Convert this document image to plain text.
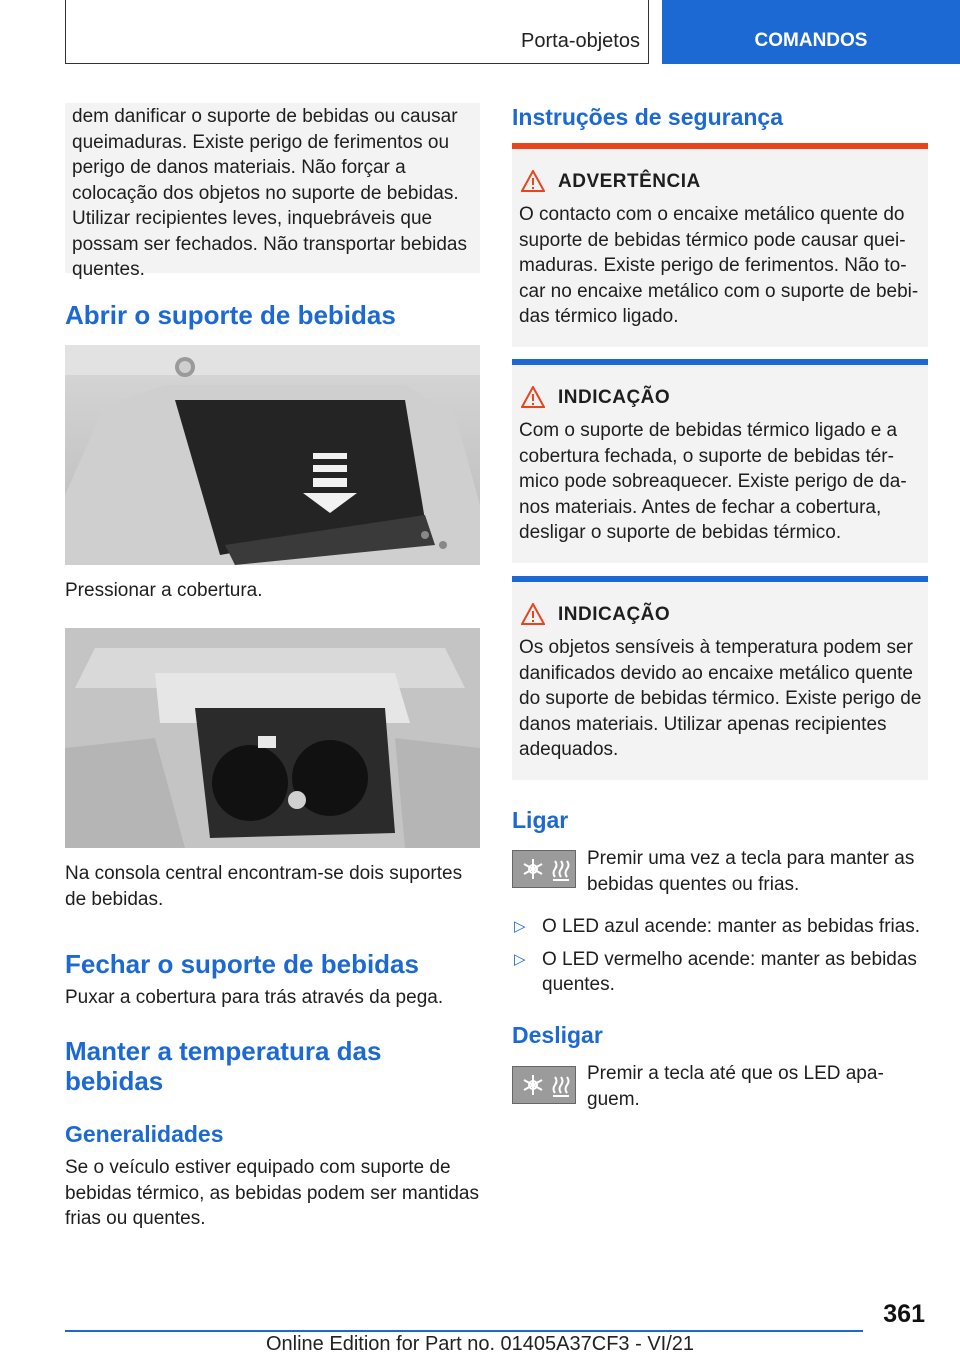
Porta-objetos	COMANDOS
dem danificar o suporte de bebidas ou causar queimaduras. Existe perigo de ferimentos ou perigo de danos materiais. Não forçar a colocação dos objetos no suporte de bebidas. Utilizar recipientes leves, inquebráveis que possam ser fechados. Não transportar bebidas quentes.
Abrir o suporte de bebidas
Pressionar a cobertura.
Na consola central encontram-se dois suportes de bebidas.
Fechar o suporte de bebidas
Puxar a cobertura para trás através da pega.
Manter a temperatura das bebidas
Generalidades
Se o veículo estiver equipado com suporte de bebidas térmico, as bebidas podem ser mantidas frias ou quentes.
Instruções de segurança
ADVERTÊNCIA
O contacto com o encaixe metálico quente do suporte de bebidas térmico pode causar queimaduras. Existe perigo de ferimentos. Não tocar no encaixe metálico com o suporte de bebidas térmico ligado.
INDICAÇÃO
Com o suporte de bebidas térmico ligado e a cobertura fechada, o suporte de bebidas térmico pode sobreaquecer. Existe perigo de danos materiais. Antes de fechar a cobertura, desligar o suporte de bebidas térmico.
INDICAÇÃO
Os objetos sensíveis à temperatura podem ser danificados devido ao encaixe metálico quente do suporte de bebidas térmico. Existe perigo de danos materiais. Utilizar apenas recipientes adequados.
Ligar
Premir uma vez a tecla para manter as bebidas quentes ou frias.
▷ O LED azul acende: manter as bebidas frias.
▷ O LED vermelho acende: manter as bebidas quentes.
Desligar
Premir a tecla até que os LED apaguem.
361
Online Edition for Part no. 01405A37CF3 - VI/21
